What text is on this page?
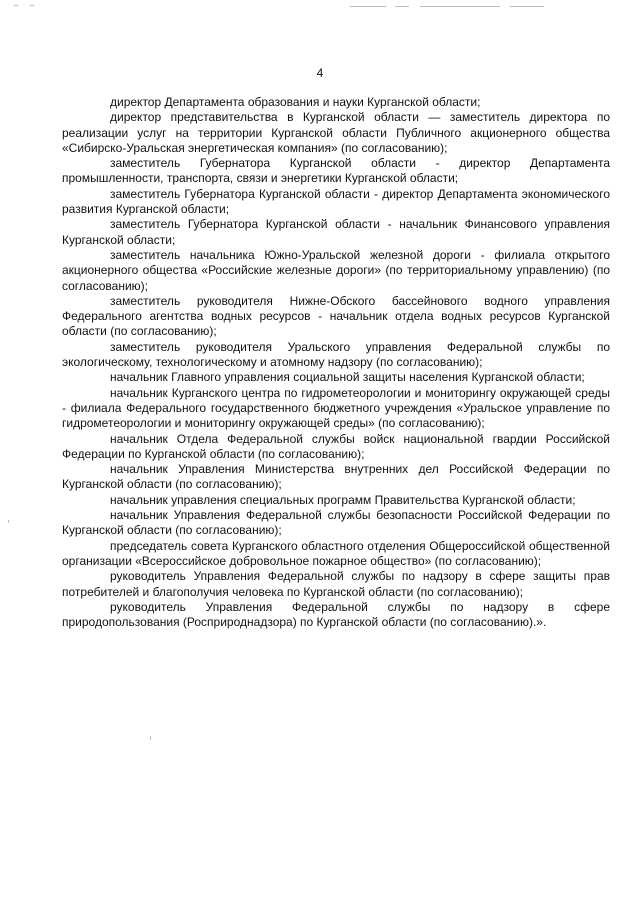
4

директор Департамента образования и науки Курганской области;

директор представительства в Курганской области — заместитель директора по реализации услуг на территории Курганской области Публичного акционерного общества «Сибирско-Уральская энергетическая компания» (по согласованию);

заместитель Губернатора Курганской области - директор Департамента промышленности, транспорта, связи и энергетики Курганской области;

заместитель Губернатора Курганской области - директор Департамента экономического развития Курганской области;

заместитель Губернатора Курганской области - начальник Финансового управления Курганской области;

заместитель начальника Южно-Уральской железной дороги - филиала открытого акционерного общества «Российские железные дороги» (по территориальному управлению) (по согласованию);

заместитель руководителя Нижне-Обского бассейнового водного управления Федерального агентства водных ресурсов - начальник отдела водных ресурсов Курганской области (по согласованию);

заместитель руководителя Уральского управления Федеральной службы по экологическому, технологическому и атомному надзору (по согласованию);

начальник Главного управления социальной защиты населения Курганской области;

начальник Курганского центра по гидрометеорологии и мониторингу окружающей среды - филиала Федерального государственного бюджетного учреждения «Уральское управление по гидрометеорологии и мониторингу окружающей среды» (по согласованию);

начальник Отдела Федеральной службы войск национальной гвардии Российской Федерации по Курганской области (по согласованию);

начальник Управления Министерства внутренних дел Российской Федерации по Курганской области (по согласованию);

начальник управления специальных программ Правительства Курганской области;

начальник Управления Федеральной службы безопасности Российской Федерации по Курганской области (по согласованию);

председатель совета Курганского областного отделения Общероссийской общественной организации «Всероссийское добровольное пожарное общество» (по согласованию);

руководитель Управления Федеральной службы по надзору в сфере защиты прав потребителей и благополучия человека по Курганской области (по согласованию);

руководитель Управления Федеральной службы по надзору в сфере природопользования (Росприроднадзора) по Курганской области (по согласованию).».
